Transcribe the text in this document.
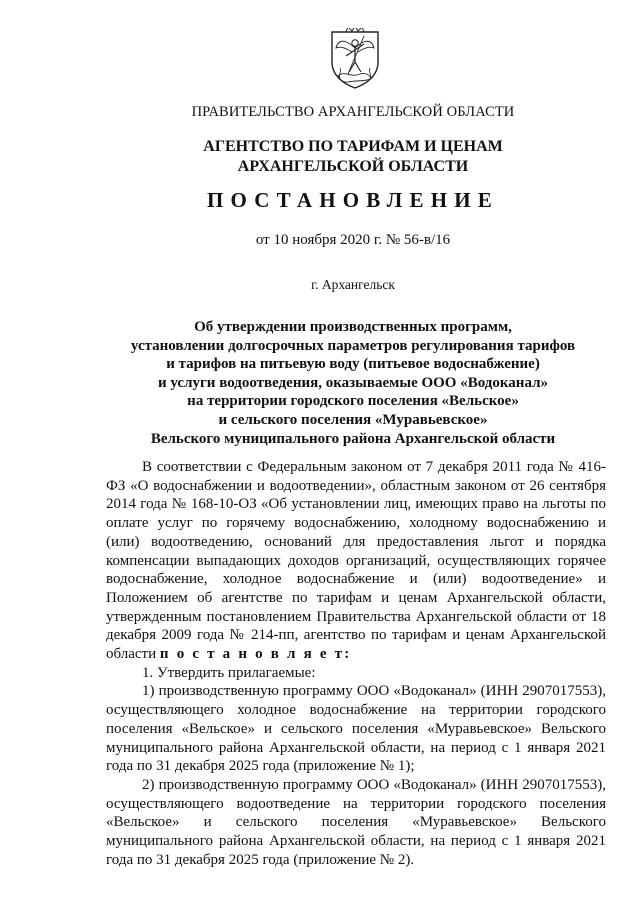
ПРАВИТЕЛЬСТВО АРХАНГЕЛЬСКОЙ ОБЛАСТИ
АГЕНТСТВО ПО ТАРИФАМ И ЦЕНАМ
АРХАНГЕЛЬСКОЙ ОБЛАСТИ
ПОСТАНОВЛЕНИЕ
от 10 ноября 2020 г. № 56-в/16
г. Архангельск
Об утверждении производственных программ,
установлении долгосрочных параметров регулирования тарифов
и тарифов на питьевую воду (питьевое водоснабжение)
и услуги водоотведения, оказываемые ООО «Водоканал»
на территории городского поселения «Вельское»
и сельского поселения «Муравьевское»
Вельского муниципального района Архангельской области

В соответствии с Федеральным законом от 7 декабря 2011 года № 416-ФЗ «О водоснабжении и водоотведении», областным законом от 26 сентября 2014 года № 168-10-ОЗ «Об установлении лиц, имеющих право на льготы по оплате услуг по горячему водоснабжению, холодному водоснабжению и (или) водоотведению, оснований для предоставления льгот и порядка компенсации выпадающих доходов организаций, осуществляющих горячее водоснабжение, холодное водоснабжение и (или) водоотведение» и Положением об агентстве по тарифам и ценам Архангельской области, утвержденным постановлением Правительства Архангельской области от 18 декабря 2009 года № 214-пп, агентство по тарифам и ценам Архангельской области п о с т а н о в л я е т:

1. Утвердить прилагаемые:

1) производственную программу ООО «Водоканал» (ИНН 2907017553), осуществляющего холодное водоснабжение на территории городского поселения «Вельское» и сельского поселения «Муравьевское» Вельского муниципального района Архангельской области, на период с 1 января 2021 года по 31 декабря 2025 года (приложение № 1);

2) производственную программу ООО «Водоканал» (ИНН 2907017553), осуществляющего водоотведение на территории городского поселения «Вельское» и сельского поселения «Муравьевское» Вельского муниципального района Архангельской области, на период с 1 января 2021 года по 31 декабря 2025 года (приложение № 2).
